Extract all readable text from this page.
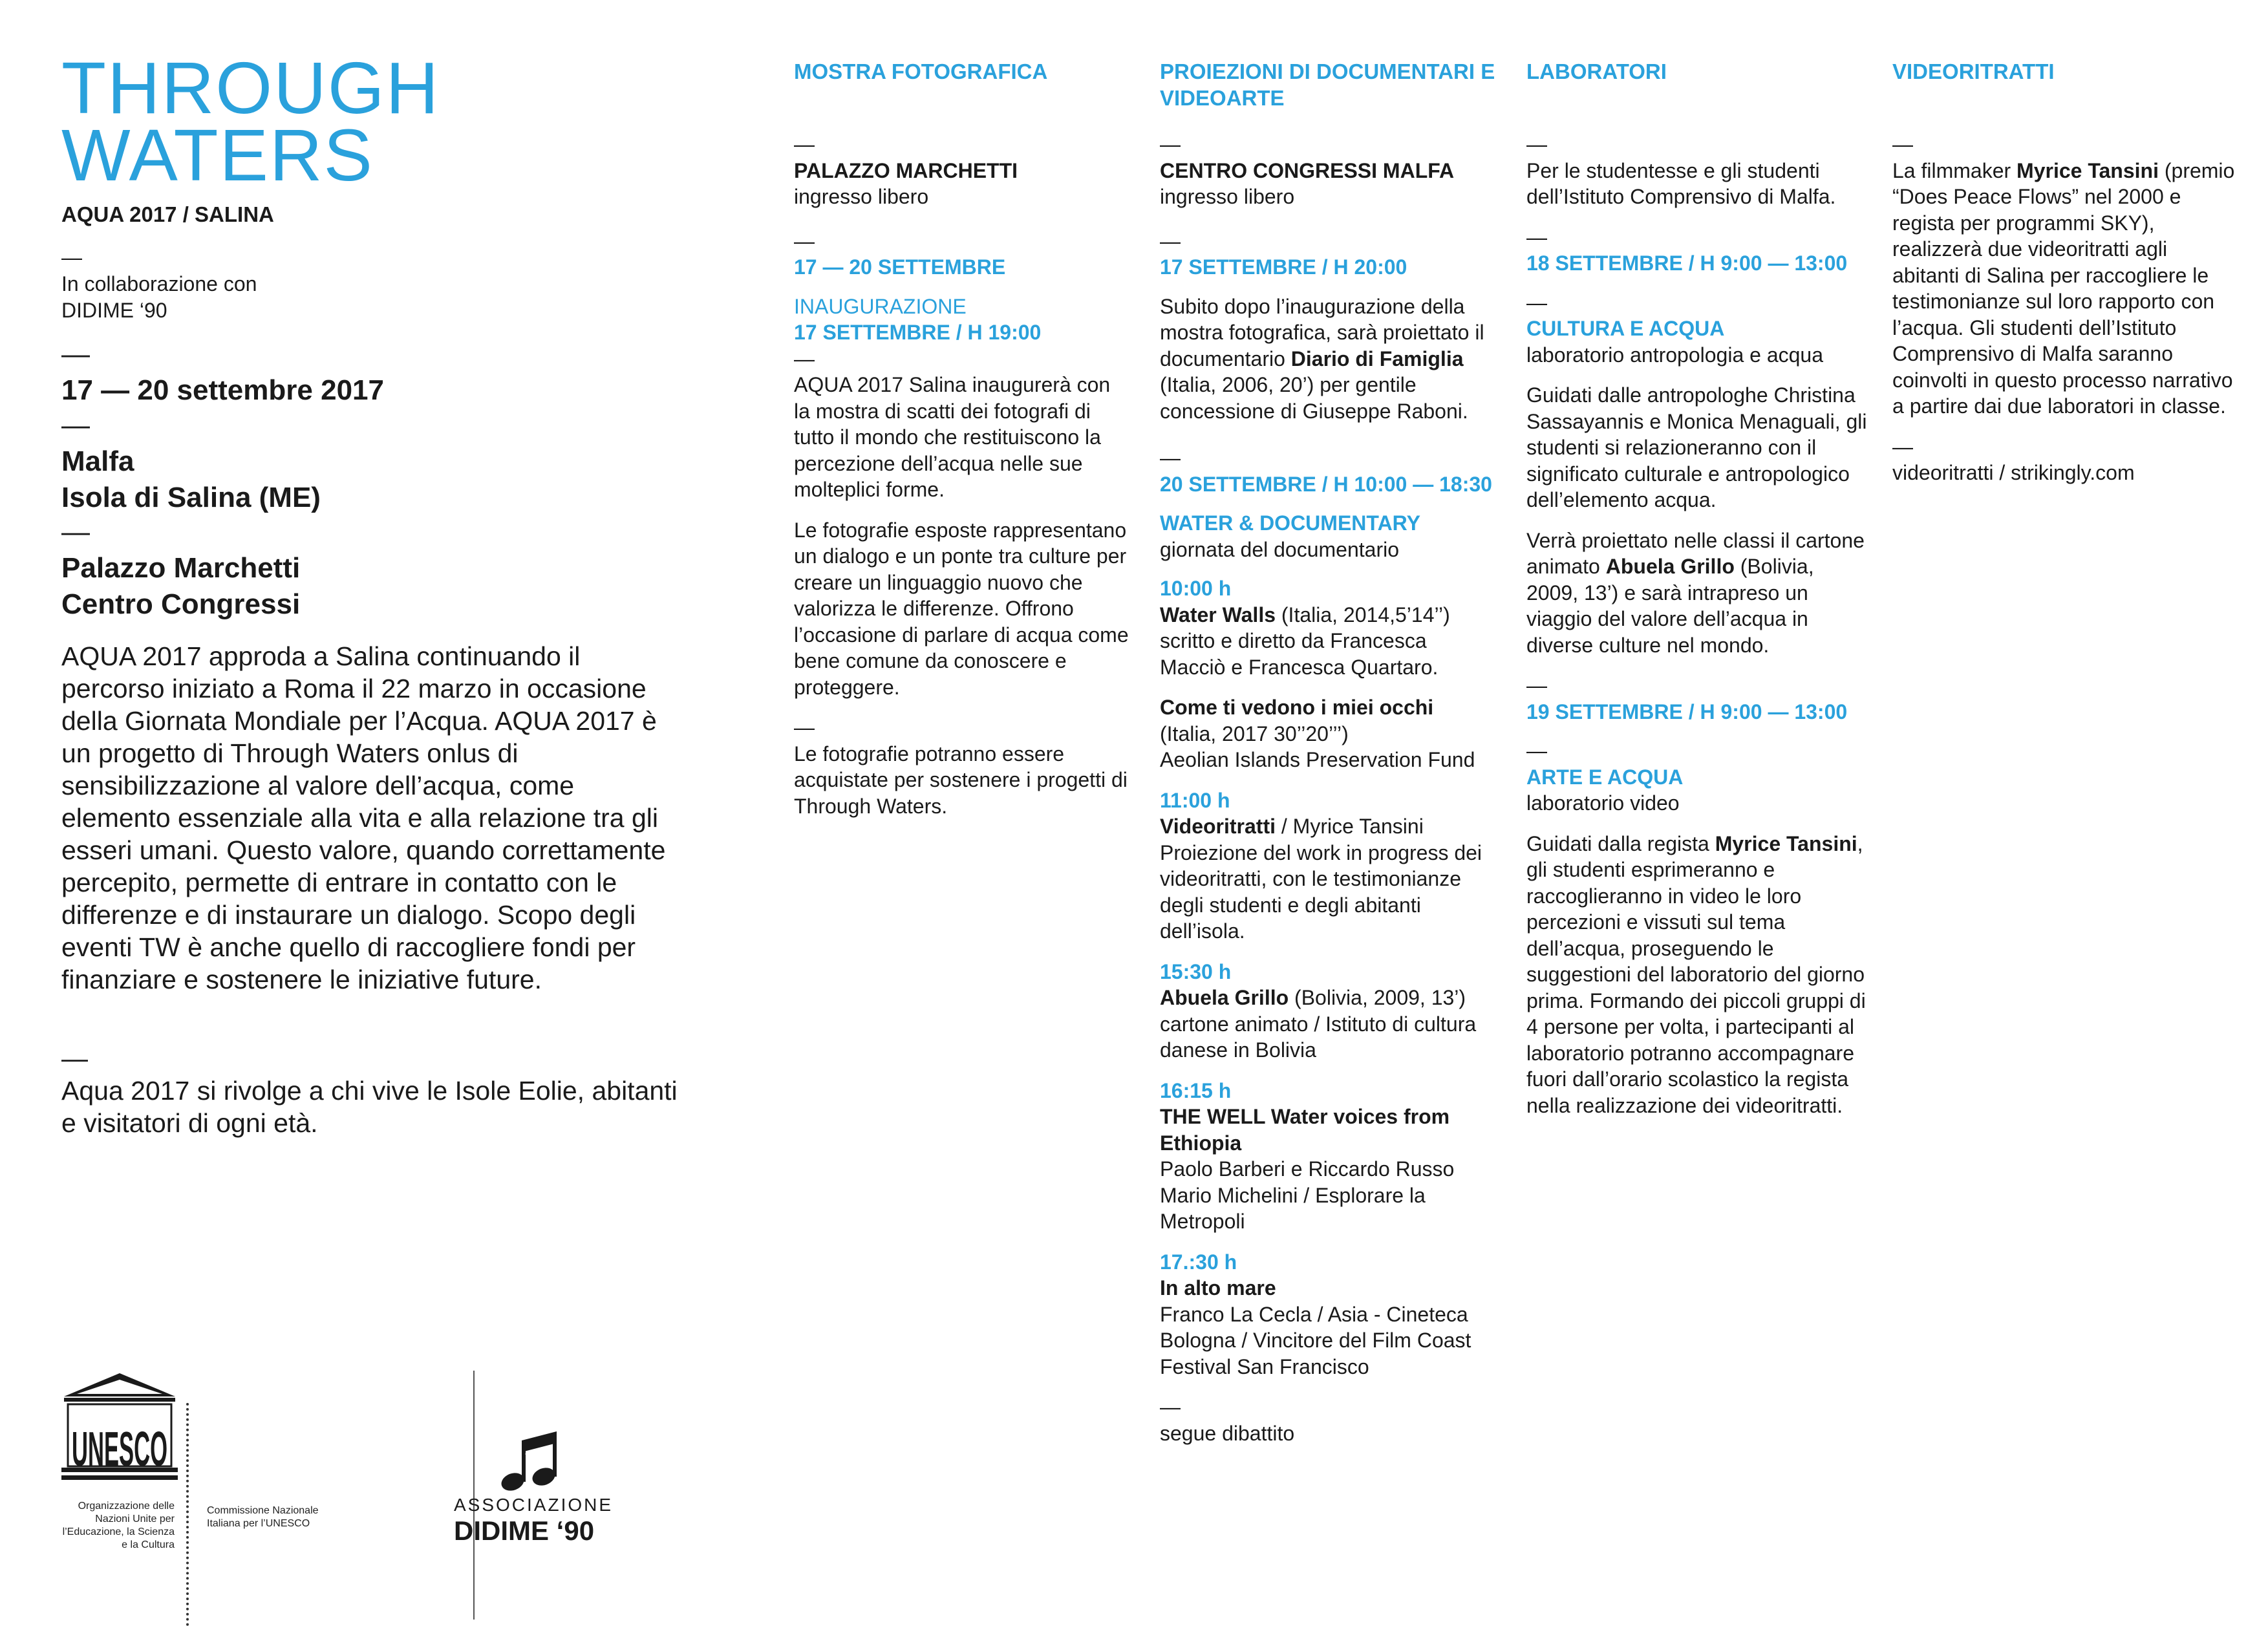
THROUGH
WATERS
AQUA 2017 / SALINA
—
In collaborazione con
DIDIME ‘90
—
17 — 20 settembre 2017
—
Malfa
Isola di Salina (ME)
—
Palazzo Marchetti
Centro Congressi
AQUA 2017 approda a Salina continuando il percorso iniziato a Roma il 22 marzo in occasione della Giornata Mondiale per l’Acqua. AQUA 2017 è un progetto di Through Waters onlus di sensibilizzazione al valore dell’acqua, come elemento essenziale alla vita e alla relazione tra gli esseri umani. Questo valore, quando correttamente percepito, permette di entrare in contatto con le differenze e di instaurare un dialogo. Scopo degli eventi TW è anche quello di raccogliere fondi per finanziare e sostenere le iniziative future.
—
Aqua 2017 si rivolge a chi vive le Isole Eolie, abitanti e visitatori di ogni età.
MOSTRA FOTOGRAFICA
—
PALAZZO MARCHETTI
ingresso libero
—
17 — 20 SETTEMBRE
INAUGURAZIONE
17 SETTEMBRE / H 19:00
—

AQUA 2017 Salina inaugurerà con la mostra di scatti dei fotografi di tutto il mondo che restituiscono la percezione dell’acqua nelle sue molteplici forme.

Le fotografie esposte rappresentano un dialogo e un ponte tra culture per creare un linguaggio nuovo che valorizza le differenze. Offrono l’occasione di parlare di acqua come bene comune da conoscere e proteggere.

—

Le fotografie potranno essere acquistate per sostenere i progetti di Through Waters.

PROIEZIONI DI DOCUMENTARI E VIDEOARTE
—
CENTRO CONGRESSI MALFA
ingresso libero
—
17 SETTEMBRE / H 20:00

Subito dopo l’inaugurazione della mostra fotografica, sarà proiettato il documentario Diario di Famiglia (Italia, 2006, 20’) per gentile concessione di Giuseppe Raboni.

—
20 SETTEMBRE / H 10:00 — 18:30
WATER & DOCUMENTARY
giornata del documentario
10:00 h
Water Walls (Italia, 2014,5’14’’)

scritto e diretto da Francesca Macciò e Francesca Quartaro.

Come ti vedono i miei occhi
(Italia, 2017 30’’20’’’)

Aeolian Islands Preservation Fund

11:00 h
Videoritratti / Myrice Tansini

Proiezione del work in progress dei videoritratti, con le testimonianze degli studenti e degli abitanti dell’isola.

15:30 h
Abuela Grillo (Bolivia, 2009, 13’)

cartone animato / Istituto di cultura danese in Bolivia

16:15 h
THE WELL Water voices from Ethiopia

Paolo Barberi e Riccardo Russo Mario Michelini / Esplorare la Metropoli

17.:30 h
In alto mare

Franco La Cecla / Asia - Cineteca Bologna / Vincitore del Film Coast Festival San Francisco

—
segue dibattito
LABORATORI
—

Per le studentesse e gli studenti dell’Istituto Comprensivo di Malfa.

—
18 SETTEMBRE / H 9:00 — 13:00
—
CULTURA E ACQUA

laboratorio antropologia e acqua

Guidati dalle antropologhe Christina Sassayannis e Monica Menaguali, gli studenti si relazioneranno con il significato culturale e antropologico dell’elemento acqua.

Verrà proiettato nelle classi il cartone animato Abuela Grillo (Bolivia, 2009, 13’) e sarà intrapreso un viaggio del valore dell’acqua in diverse culture nel mondo.

—
19 SETTEMBRE / H 9:00 — 13:00
—
ARTE E ACQUA

laboratorio video

Guidati dalla regista Myrice Tansini, gli studenti esprimeranno e raccoglieranno in video le loro percezioni e vissuti sul tema dell’acqua, proseguendo le suggestioni del laboratorio del giorno prima. Formando dei piccoli gruppi di 4 persone per volta, i partecipanti al laboratorio potranno accompagnare fuori dall’orario scolastico la regista nella realizzazione dei videoritratti.

VIDEORITRATTI
—

La filmmaker Myrice Tansini (premio “Does Peace Flows” nel 2000 e regista per programmi SKY), realizzerà due videoritratti agli abitanti di Salina per raccogliere le testimonianze sul loro rapporto con l’acqua. Gli studenti dell’Istituto Comprensivo di Malfa saranno coinvolti in questo processo narrativo a partire dai due laboratori in classe.

—
videoritratti / strikingly.com
UNESCO
Organizzazione delle Nazioni Unite per l’Educazione, la Scienza e la Cultura
Commissione Nazionale Italiana per l’UNESCO
ASSOCIAZIONE
DIDIME ‘90
